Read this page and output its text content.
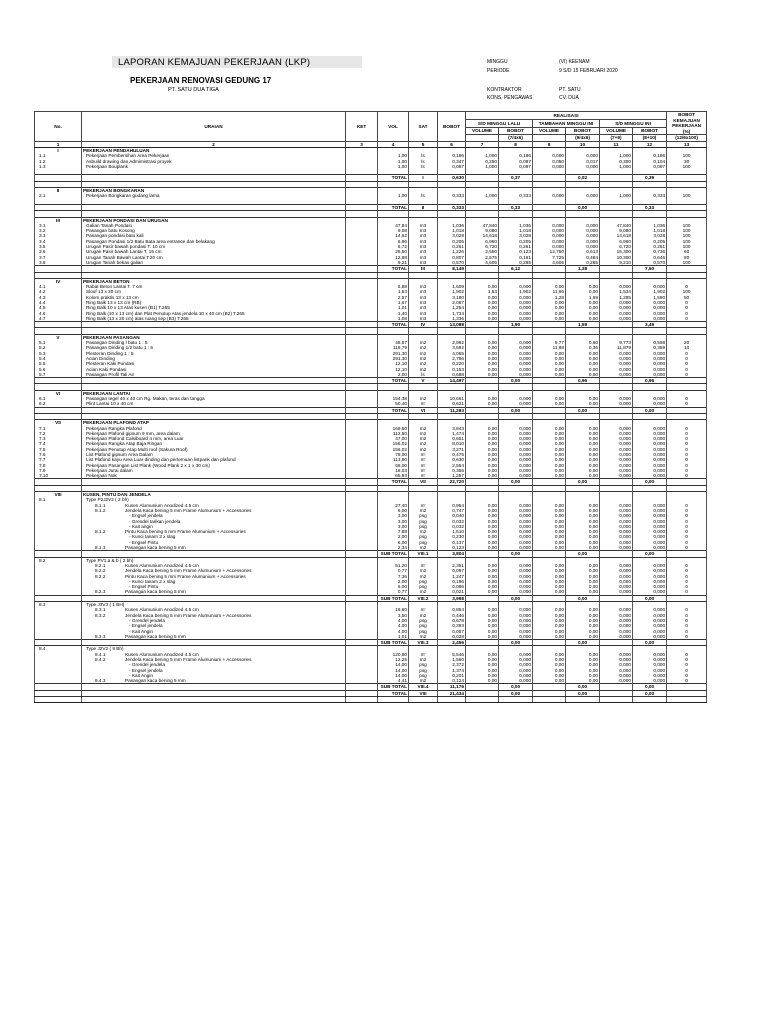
LAPORAN KEMAJUAN PEKERJAAN (LKP)
PEKERJAAN RENOVASI GEDUNG 17
PT. SATU DUA TIGA
MINGGU	(VI) KEENAM
PERIODE	9 S/D 15 FEBRUARI 2020
KONTRAKTOR	PT. SATU
KONS. PENGAWAS	CV. DUA
No.	URAIAN	KET	VOL	SAT	BOBOT	REALISASI						BOBOT KEMAJUAN PEKERJAAN (%)
						S/D MINGGU LALU		TAMBAHAN MINGGU INI		S/D MINGGU INI		
						VOLUME	BOBOT	VOLUME	BOBOT	VOLUME	BOBOT	
							(7/4x6)		(9/4x6)	(7+9)	(8+10)	(12/6x100)
1	2	3	4	5	6	7	8	9	10	11	12	13
I	PEKERJAAN PENDAHULUAN											
1.1	Pekerjaan Pembersihan Area Pekerjaan		1,00	ls	0,186	1,000	0,186	0,000	0,000	1,000	0,186	100
1.2	Asbuild drawing dan Admimistrasi proyek		1,00	ls	0,347	0,250	0,087	0,050	0,017	0,300	0,104	30
1.3	Pekerjaan Bouplank		1,00	ls	0,097	1,000	0,097	0,000	0,000	1,000	0,097	100

			TOTAL	I	0,630		0,37		0,02		0,39	

II	PEKERJAAN BONGKARAN											
2.1	Pekerjaan Bongkaran gudang lama		1,00	ls	0,333	1,000	0,333	0,000	0,000	1,000	0,333	100

			TOTAL	II	0,333		0,33		0,00		0,33	

III	PEKERJAAN PONDASI DAN URUGAN											
3.1	Galian Tanah Pondasi		47,84	m3	1,036	47,840	1,036	0,000	0,000	47,840	1,036	100
3.2	Pasangan batu Kosong		9,08	m3	1,018	9,080	1,018	0,000	0,000	9,080	1,018	100
3.3	Pasangan pondasi batu kali		14,62	m3	3,028	14,618	3,028	0,000	0,000	14,618	3,028	100
3.4	Pasangan Pondasi 1/2 Batu Bata area entrance dan belakang		6,96	m3	0,205	6,960	0,205	0,000	0,000	6,960	0,205	100
3.5	Urugan Pasir bawah pondasi T. 10 cm		6,72	m3	0,261	6,720	0,261	0,000	0,000	6,720	0,261	100
3.6	Urugan Pasir bawah Lantai T. 15 cm		25,50	m3	1,226	2,550	0,123	12,750	0,613	15,300	0,736	60
3.7	Urugan Tanah Bawah Lantai T.20 cm		12,88	m3	0,807	2,575	0,161	7,725	0,484	10,300	0,646	80
3.8	Urugan Tanah bekas galian		9,21	m3	0,570	4,605	0,285	4,605	0,285	9,210	0,570	100
			TOTAL	III	8,149		6,12		1,38		7,50	

IV	PEKERJAAN BETON											
4.1	Rabat Beton Lantai T. 7 cm		6,88	m3	1,609	0,00	0,000	0,00	0,00	0,000	0,000	0
4.2	Sloof 13 x 20 cm		1,53	m3	1,902	1,53	1,902	11,66	0,00	1,534	1,902	100
4.3	Kolom praktis 13 x 13 cm		2,57	m3	3,180	0,00	0,000	1,28	1,59	1,285	1,590	50
4.4	Ring Balk 13 x 13 cm (RB)		1,67	m3	2,067	0,00	0,000	0,00	0,00	0,000	0,000	0
4.5	Ring Balk 10 x 13 Atas kusen (B1) T.265		1,01	m3	1,254	0,00	0,000	0,00	0,00	0,000	0,000	0
4.6	Ring Balk (10 x 13 cm) dan Plat Penutup Atas jendela 10 x 40 cm (B2) T.265		1,40	m3	1,734	0,00	0,000	0,00	0,00	0,000	0,000	0
4.7	Ring Balk (13 x 20 cm) atas ruang sep (B3) T.265		1,08	m3	1,336	0,00	0,000	0,00	0,00	0,000	0,000	0
			TOTAL	IV	13,088		1,90		1,59		3,49	

V	PEKERJAAN PASANGAN											
5.1	Pasangan Dinding l batu 1 : 5		48,87	m2	2,992	0,00	0,000	9,77	0,60	9,773	0,598	20
5.2	Pasangan Dinding 1/2 batu 1 : 5		118,79	m2	3,592	0,00	0,000	11,88	0,36	11,879	0,359	10
5.3	Plesteran Dinding 1 : 5		291,30	m2	4,065	0,00	0,000	0,00	0,00	0,000	0,000	0
5.4	Acian Dinding		291,30	m2	2,786	0,00	0,000	0,00	0,00	0,000	0,000	0
5.5	Plesteran Kaki Pondasi		12,10	m2	0,220	0,00	0,000	0,00	0,00	0,000	0,000	0
5.6	Acian Kaki Pondasi		12,10	m2	0,153	0,00	0,000	0,00	0,00	0,000	0,000	0
5.7	Pasangan Profil Tali Air		2,00	ls	0,688	0,00	0,000	0,00	0,00	0,000	0,000	0
			TOTAL	V	14,497		0,00		0,96		0,96	

VI	PEKERJAAN LANTAI											
6.1	Pasangan tegel 40 x 40 cm Rg. Makan, teras dan tangga		154,38	m2	10,661	0,00	0,000	0,00	0,00	0,000	0,000	0
6.2	Plint Lantai 10 x 40 cm		50,40	m'	0,621	0,00	0,000	0,00	0,00	0,000	0,000	0
			TOTAL	VI	11,283		0,00		0,00		0,00	

VII	PEKERJAAN PLAFOND ATAP											
7.1	Pekerjaan Rangka Plafond		169,50	m2	3,843	0,00	0,000	0,00	0,00	0,000	0,000	0
7.2	Pekerjaan Plafond gipsum 9 mm, area dalam		112,50	m2	1,474	0,00	0,000	0,00	0,00	0,000	0,000	0
7.3	Pekerjaan Plafond Calsiboard 4 mm, area Luar		47,00	m2	0,651	0,00	0,000	0,00	0,00	0,000	0,000	0
7.4	Pekerjaan Rangka Atap Baja Ringan		156,02	m2	8,010	0,00	0,000	0,00	0,00	0,000	0,000	0
7.5	Pekerjaan Penutup Atap Multi roof (Sakura Roof)		156,02	m2	3,271	0,00	0,000	0,00	0,00	0,000	0,000	0
7.6	List Plafond gipsum Area Dalam		78,00	m'	0,475	0,00	0,000	0,00	0,00	0,000	0,000	0
7.7	List Plafond kayu Area Luar dinding dan pertemuan listpank dan plafond		113,80	m'	0,630	0,00	0,000	0,00	0,00	0,000	0,000	0
7.8	Pekerjaan Pasangan List Plank (Wood Plank 2 x 1 x 30 cm)		68,00	m'	2,554	0,00	0,000	0,00	0,00	0,000	0,000	0
7.9	Pekerjaan Jurai dalam		18,03	m'	0,355	0,00	0,000	0,00	0,00	0,000	0,000	0
7.10	Pekerjaan Nok		65,93	m'	1,257	0,00	0,000	0,00	0,00	0,000	0,000	0
			TOTAL	VII	22,720		0,00		0,00		0,00	

VIII	KUSEN, PINTU DAN JENDELA											
8.1	Type P2J2V2 ( 2 bh)											
	8.1.1 Kusen Alumunium Anodized 4.5 cm		27,40	m'	0,954	0,00	0,000	0,00	0,00	0,000	0,000	0
	8.1.2 Jendela Kaca bening 5 mm Frame Alumunium + Accessories		6,00	m2	0,747	0,00	0,000	0,00	0,00	0,000	0,000	0
	- Engsel jendela		3,00	psg	0,040	0,00	0,000	0,00	0,00	0,000	0,000	0
	- Grendel tarikan jendela		3,00	psg	0,032	0,00	0,000	0,00	0,00	0,000	0,000	0
	- Kait angin		3,00	psg	0,032	0,00	0,000	0,00	0,00	0,000	0,000	0
	8.1.2 Pintu Kaca bening 5 mm Frame Alumunium + Accessories		7,88	m2	1,510	0,00	0,000	0,00	0,00	0,000	0,000	0
	- Kunci tanam 2 x slag		2,00	psg	0,230	0,00	0,000	0,00	0,00	0,000	0,000	0
	- Engsel Pintu		6,00	psg	0,137	0,00	0,000	0,00	0,00	0,000	0,000	0
	8.1.3 Pasangan kaca bening 5 mm		2,34	m2	0,123	0,00	0,000	0,00	0,00	0,000	0,000	0
			SUB TOTAL	VIII.1	3,804		0,00		0,00		0,00	
8.2	Type PV1.a & b ( 2 bh)											
	8.2.1 Kusen Alumunium Anodized 4.5 cm		51,20	m'	2,351	0,00	0,000	0,00	0,00	0,000	0,000	0
	8.2.2 Jendela Kaca bening 5 mm Frame Alumunium + Accessories		0,77	m2	0,097	0,00	0,000	0,00	0,00	0,000	0,000	0
	8.2.2 Pintu Kaca bening 5 mm Frame Alumunium + Accessories		7,36	m2	1,247	0,00	0,000	0,00	0,00	0,000	0,000	0
	- Kunci tanam 2 x slag		2,00	psg	0,196	0,00	0,000	0,00	0,00	0,000	0,000	0
	- Engsel Pintu		6,00	psg	0,086	0,00	0,000	0,00	0,00	0,000	0,000	0
	8.2.3 Pasangan kaca bening 5 mm		0,77	m2	0,021	0,00	0,000	0,00	0,00	0,000	0,000	0
			SUB TOTAL	VIII.2	3,998		0,00		0,00		0,00	
8.3	Type J3V3 ( 1 BH)											
	8.3.1 Kusen Alumunium Anodized 4.5 cm		18,60	m'	0,854	0,00	0,000	0,00	0,00	0,000	0,000	0
	8.3.2 Jendela Kaca bening 5 mm Frame Alumunium + Accessories		3,50	m2	0,446	0,00	0,000	0,00	0,00	0,000	0,000	0
	- Grendel jendela		4,00	psg	0,678	0,00	0,000	0,00	0,00	0,000	0,000	0
	- Engsel jendela		4,00	psg	0,393	0,00	0,000	0,00	0,00	0,000	0,000	0
	- Kait Angin		4,00	psg	0,057	0,00	0,000	0,00	0,00	0,000	0,000	0
	8.3.3 Pasangan kaca bening 5 mm		1,01	m2	0,028	0,00	0,000	0,00	0,00	0,000	0,000	0
			SUB TOTAL	VIII.3	2,456		0,00		0,00		0,00	
8.4	Type J2V2 ( 9 Bh)											
	8.4.1 Kusen Alumunium Anodized 4.5 cm		120,80	m'	5,546	0,00	0,000	0,00	0,00	0,000	0,000	0
	8.4.2 Jendela Kaca bening 5 mm Frame Alumunium + Accessories		12,25	m2	1,560	0,00	0,000	0,00	0,00	0,000	0,000	0
	- Grendel jendela		14,00	psg	2,372	0,00	0,000	0,00	0,00	0,000	0,000	0
	- Engsel jendela		14,00	psg	1,374	0,00	0,000	0,00	0,00	0,000	0,000	0
	- Kait Angin		14,00	psg	0,201	0,00	0,000	0,00	0,00	0,000	0,000	0
	8.4.3 Pasangan kaca bening 5 mm		4,41	m2	0,124	0,00	0,000	0,00	0,00	0,000	0,000	0
			SUB TOTAL	VIII.4	11,176		0,00		0,00		0,00	
			TOTAL	VIII	21,434		0,00		0,00		0,00	
